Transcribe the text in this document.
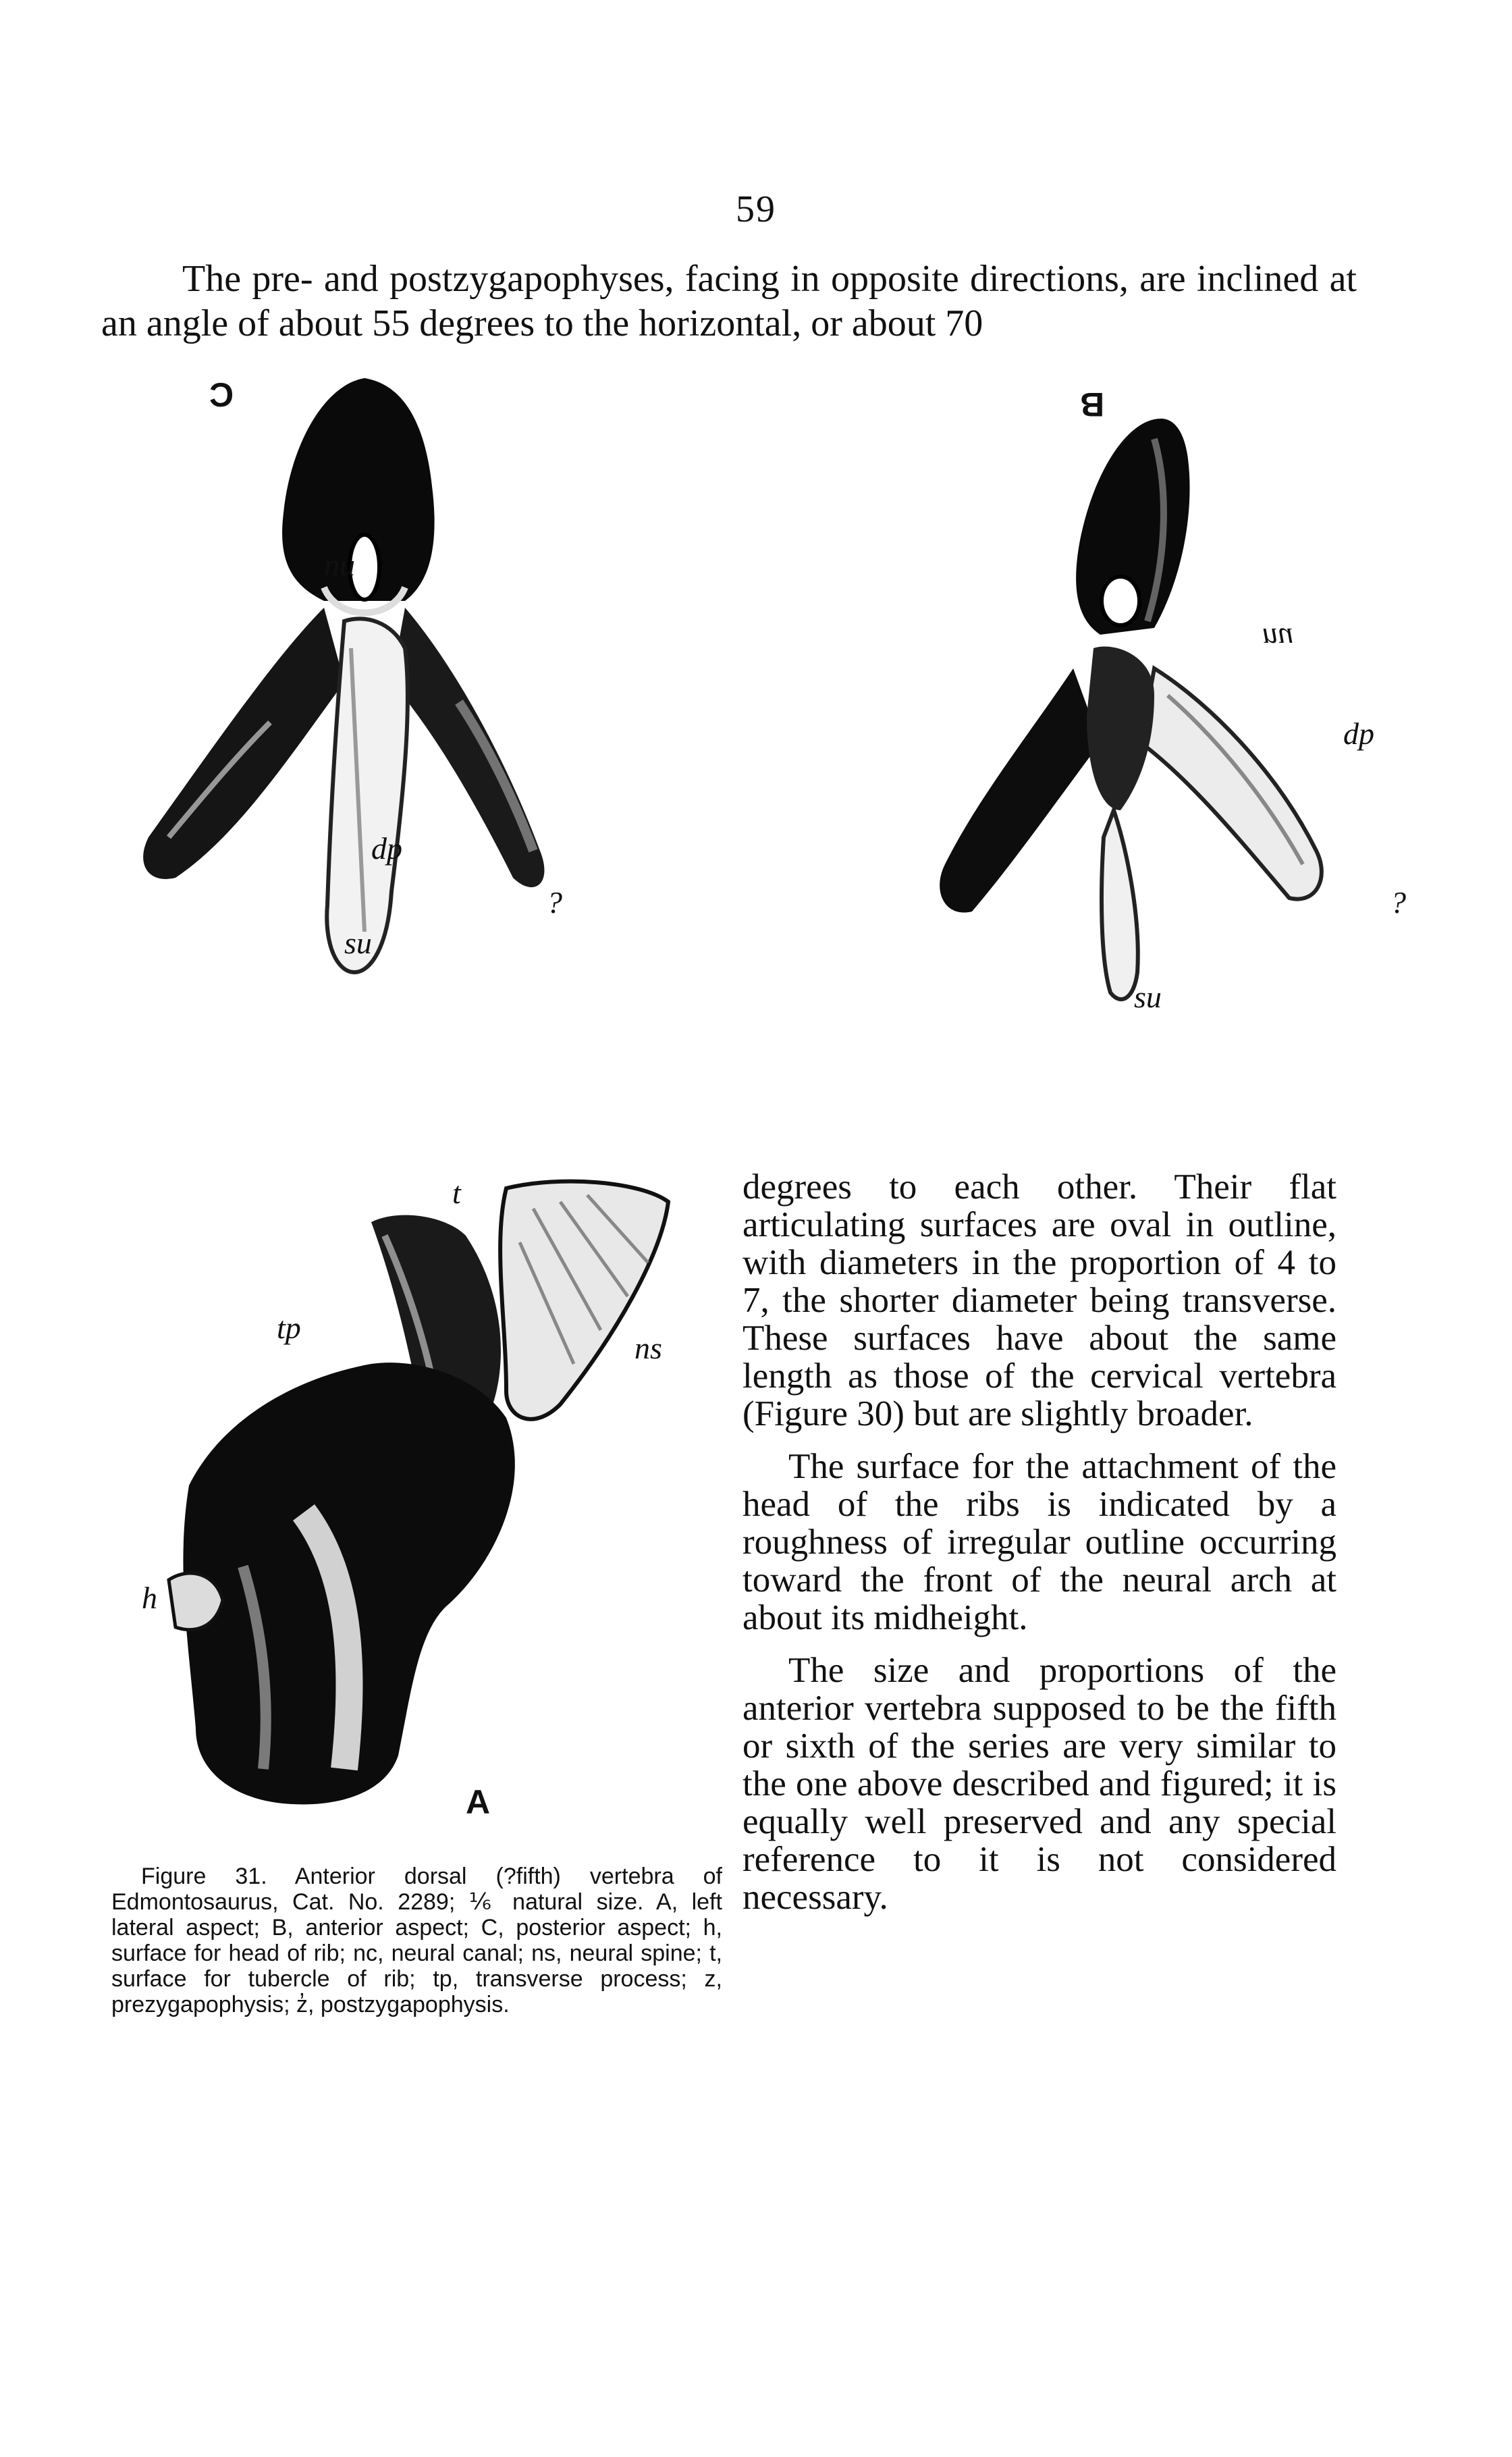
59
The pre- and postzygapophyses, facing in opposite directions, are inclined at an angle of about 55 degrees to the horizontal, or about 70
C
nu
dp
su
?
B
nu
dp
su
?
t
tp
ns
h
A

degrees to each other. Their flat articulating surfaces are oval in outline, with diameters in the proportion of 4 to 7, the shorter diameter being transverse. These surfaces have about the same length as those of the cervical vertebra (Figure 30) but are slightly broader.

The surface for the attachment of the head of the ribs is indicated by a roughness of irregular outline occurring toward the front of the neural arch at about its midheight.

The size and proportions of the anterior vertebra supposed to be the fifth or sixth of the series are very similar to the one above described and figured; it is equally well preserved and any special reference to it is not considered necessary.

Figure 31. Anterior dorsal (?fifth) vertebra of Edmontosaurus, Cat. No. 2289; ⅙ natural size. A, left lateral aspect; B, anterior aspect; C, posterior aspect; h, surface for head of rib; nc, neural canal; ns, neural spine; t, surface for tubercle of rib; tp, transverse process; z, prezygapophysis; z̓, postzygapophysis.
